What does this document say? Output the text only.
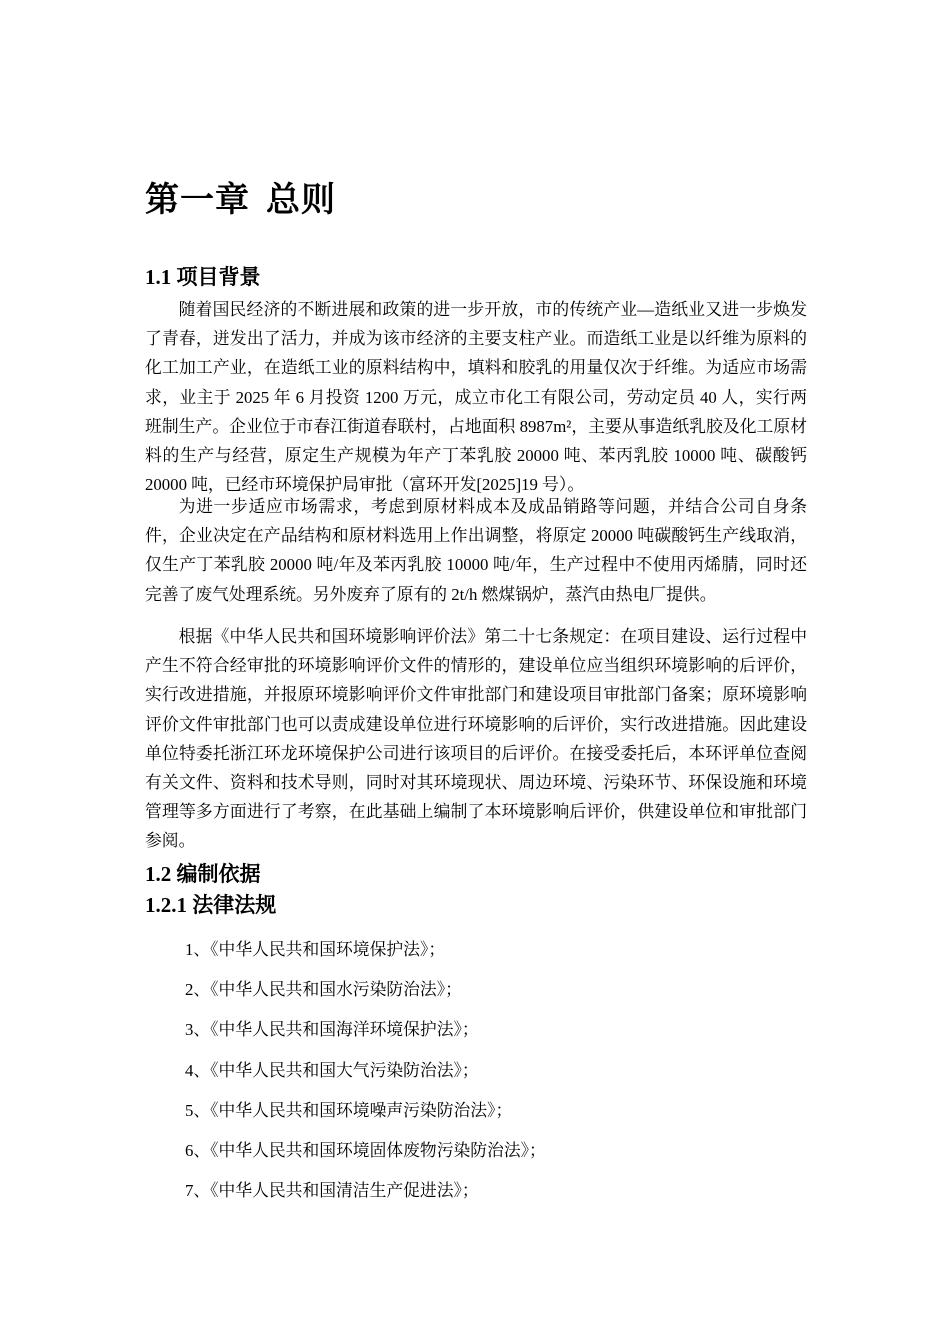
第一章 总则
1.1 项目背景

随着国民经济的不断进展和政策的进一步开放，市的传统产业—造纸业又进一步焕发了青春，迸发出了活力，并成为该市经济的主要支柱产业。而造纸工业是以纤维为原料的化工加工产业，在造纸工业的原料结构中，填料和胶乳的用量仅次于纤维。为适应市场需求，业主于 2025 年 6 月投资 1200 万元，成立市化工有限公司，劳动定员 40 人，实行两班制生产。企业位于市春江街道春联村，占地面积 8987m²，主要从事造纸乳胶及化工原材料的生产与经营，原定生产规模为年产丁苯乳胶 20000 吨、苯丙乳胶 10000 吨、碳酸钙 20000 吨，已经市环境保护局审批（富环开发[2025]19 号）。

为进一步适应市场需求，考虑到原材料成本及成品销路等问题，并结合公司自身条件，企业决定在产品结构和原材料选用上作出调整，将原定 20000 吨碳酸钙生产线取消，仅生产丁苯乳胶 20000 吨/年及苯丙乳胶 10000 吨/年，生产过程中不使用丙烯腈，同时还完善了废气处理系统。另外废弃了原有的 2t/h 燃煤锅炉，蒸汽由热电厂提供。

根据《中华人民共和国环境影响评价法》第二十七条规定：在项目建设、运行过程中产生不符合经审批的环境影响评价文件的情形的，建设单位应当组织环境影响的后评价，实行改进措施，并报原环境影响评价文件审批部门和建设项目审批部门备案；原环境影响评价文件审批部门也可以责成建设单位进行环境影响的后评价，实行改进措施。因此建设单位特委托浙江环龙环境保护公司进行该项目的后评价。在接受委托后，本环评单位查阅有关文件、资料和技术导则，同时对其环境现状、周边环境、污染环节、环保设施和环境管理等多方面进行了考察，在此基础上编制了本环境影响后评价，供建设单位和审批部门参阅。

1.2 编制依据
1.2.1 法律法规
1、《中华人民共和国环境保护法》；
2、《中华人民共和国水污染防治法》；
3、《中华人民共和国海洋环境保护法》；
4、《中华人民共和国大气污染防治法》；
5、《中华人民共和国环境噪声污染防治法》；
6、《中华人民共和国环境固体废物污染防治法》；
7、《中华人民共和国清洁生产促进法》；
